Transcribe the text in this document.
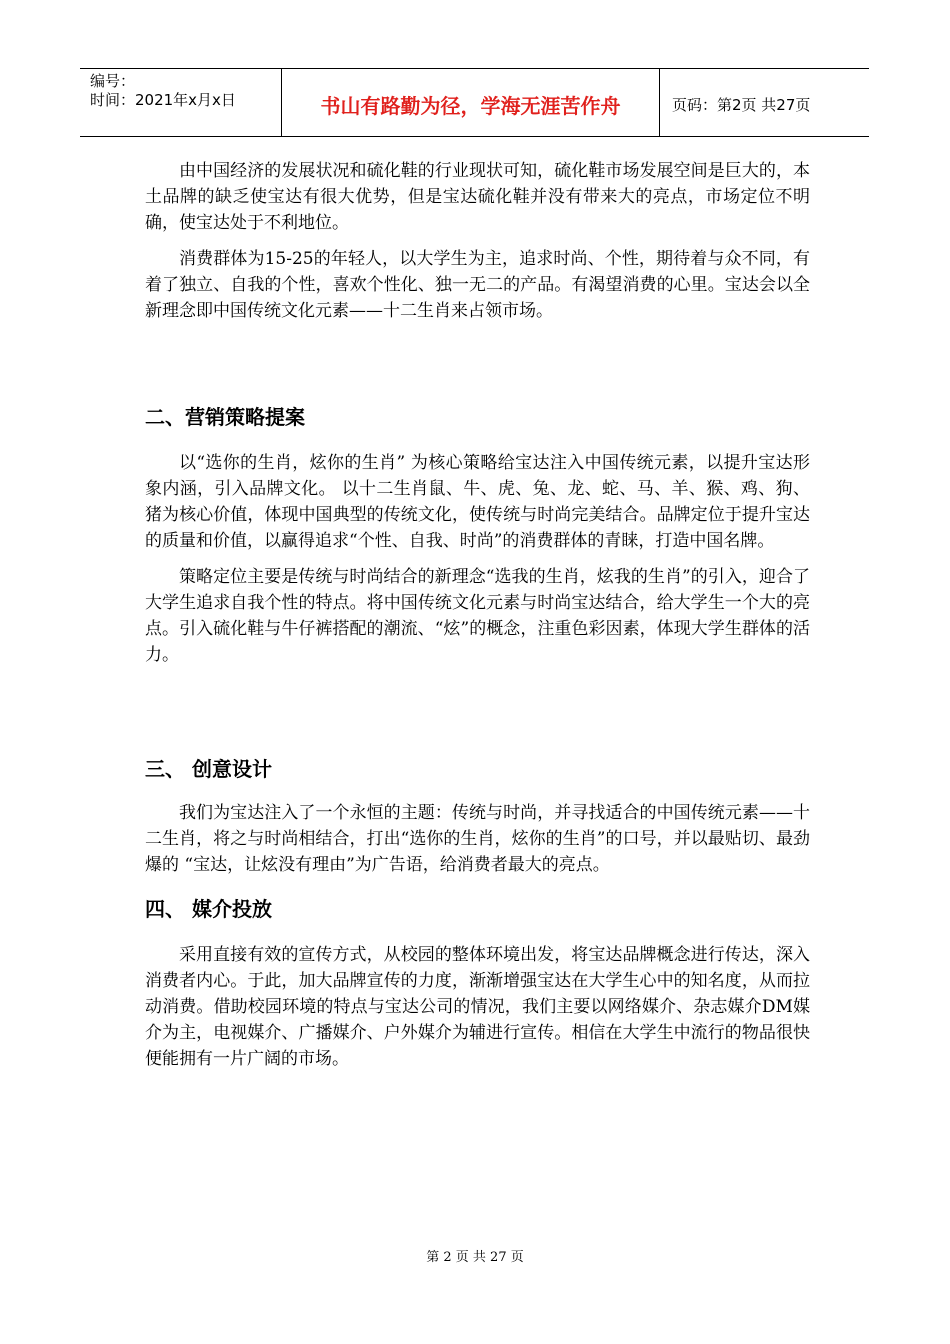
编号：
时间：2021年x月x日	书山有路勤为径，学海无涯苦作舟	页码：第2页 共27页

由中国经济的发展状况和硫化鞋的行业现状可知，硫化鞋市场发展空间是巨大的，本土品牌的缺乏使宝达有很大优势，但是宝达硫化鞋并没有带来大的亮点，市场定位不明确，使宝达处于不利地位。

消费群体为15-25的年轻人，以大学生为主，追求时尚、个性，期待着与众不同，有着了独立、自我的个性，喜欢个性化、独一无二的产品。有渴望消费的心里。宝达会以全新理念即中国传统文化元素——十二生肖来占领市场。

二、营销策略提案

以“选你的生肖，炫你的生肖” 为核心策略给宝达注入中国传统元素，以提升宝达形象内涵，引入品牌文化。 以十二生肖鼠、牛、虎、兔、龙、蛇、马、羊、猴、鸡、狗、猪为核心价值，体现中国典型的传统文化，使传统与时尚完美结合。品牌定位于提升宝达的质量和价值，以赢得追求“个性、自我、时尚”的消费群体的青睐，打造中国名牌。

策略定位主要是传统与时尚结合的新理念“选我的生肖，炫我的生肖”的引入，迎合了大学生追求自我个性的特点。将中国传统文化元素与时尚宝达结合，给大学生一个大的亮点。引入硫化鞋与牛仔裤搭配的潮流、“炫”的概念，注重色彩因素，体现大学生群体的活力。

三、 创意设计

我们为宝达注入了一个永恒的主题：传统与时尚，并寻找适合的中国传统元素——十二生肖，将之与时尚相结合，打出“选你的生肖，炫你的生肖”的口号，并以最贴切、最劲爆的 “宝达，让炫没有理由”为广告语，给消费者最大的亮点。

四、 媒介投放

采用直接有效的宣传方式，从校园的整体环境出发，将宝达品牌概念进行传达，深入消费者内心。于此，加大品牌宣传的力度，渐渐增强宝达在大学生心中的知名度，从而拉动消费。借助校园环境的特点与宝达公司的情况，我们主要以网络媒介、杂志媒介DM媒介为主，电视媒介、广播媒介、户外媒介为辅进行宣传。相信在大学生中流行的物品很快便能拥有一片广阔的市场。

第 2 页 共 27 页
